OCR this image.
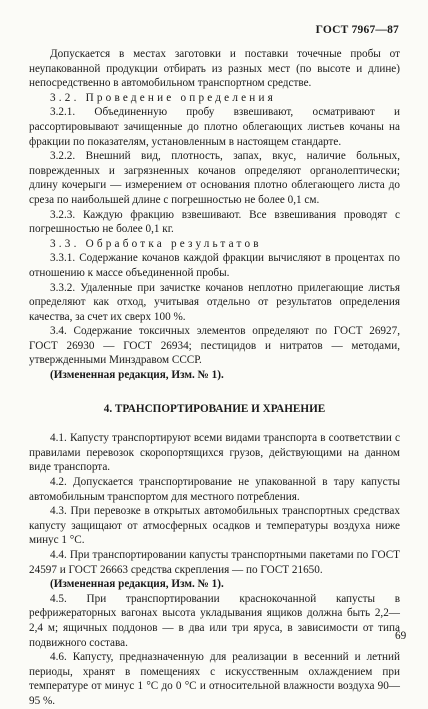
ГОСТ 7967—87

Допускается в местах заготовки и поставки точечные пробы от неупакованной продукции отбирать из разных мест (по высоте и длине) непосредственно в автомобильном транспортном средстве.

3.2. Проведение определения

3.2.1. Объединенную пробу взвешивают, осматривают и рассортировывают зачищенные до плотно облегающих листьев кочаны на фракции по показателям, установленным в настоящем стандарте.

3.2.2. Внешний вид, плотность, запах, вкус, наличие больных, поврежденных и загрязненных кочанов определяют органолептически; длину кочерыги — измерением от основания плотно облегающего листа до среза по наибольшей длине с погрешностью не более 0,1 см.

3.2.3. Каждую фракцию взвешивают. Все взвешивания проводят с погрешностью не более 0,1 кг.

3.3. Обработка результатов

3.3.1. Содержание кочанов каждой фракции вычисляют в процентах по отношению к массе объединенной пробы.

3.3.2. Удаленные при зачистке кочанов неплотно прилегающие листья определяют как отход, учитывая отдельно от результатов определения качества, за счет их сверх 100 %.

3.4. Содержание токсичных элементов определяют по ГОСТ 26927, ГОСТ 26930 — ГОСТ 26934; пестицидов и нитратов — методами, утвержденными Минздравом СССР.

(Измененная редакция, Изм. № 1).

4. ТРАНСПОРТИРОВАНИЕ И ХРАНЕНИЕ

4.1. Капусту транспортируют всеми видами транспорта в соответствии с правилами перевозок скоропортящихся грузов, действующими на данном виде транспорта.

4.2. Допускается транспортирование не упакованной в тару капусты автомобильным транспортом для местного потребления.

4.3. При перевозке в открытых автомобильных транспортных средствах капусту защищают от атмосферных осадков и температуры воздуха ниже минус 1 °С.

4.4. При транспортировании капусты транспортными пакетами по ГОСТ 24597 и ГОСТ 26663 средства скрепления — по ГОСТ 21650.

(Измененная редакция, Изм. № 1).

4.5. При транспортировании краснокочанной капусты в рефрижераторных вагонах высота укладывания ящиков должна быть 2,2—2,4 м; ящичных поддонов — в два или три яруса, в зависимости от типа подвижного состава.

4.6. Капусту, предназначенную для реализации в весенний и летний периоды, хранят в помещениях с искусственным охлаждением при температуре от минус 1 °С до 0 °С и относительной влажности воздуха 90—95 %.

69
